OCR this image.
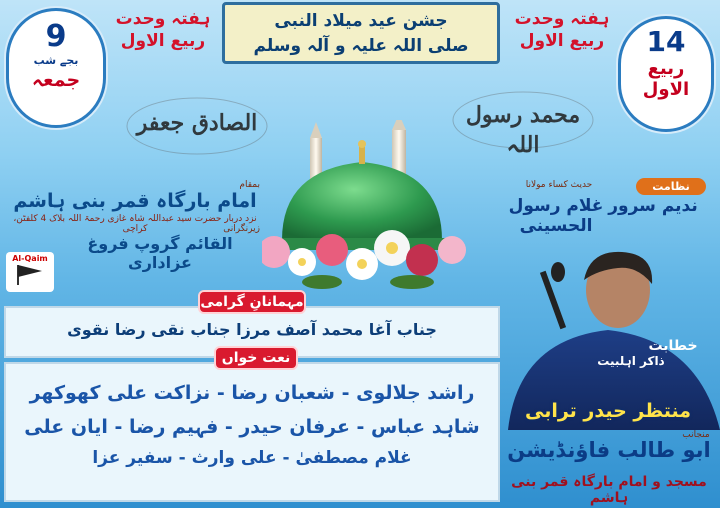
جشن عید میلاد النبی
صلی اللہ علیہ و آلہ وسلم
ہفتہ وحدت
ربیع الاول
ہفتہ وحدت
ربیع الاول	14
ربیع
الاول
9
بجے شب
جمعہ
محمد رسول اللہ
الصادق جعفر
بمقام
امام بارگاہ قمر بنی ہاشم
نزد دربار حضرت سید عبداللہ شاہ غازی رحمۃ اللہ بلاک 4 کلفٹن، کراچی	زیرنگرانی
القائم گروپ فروغ عزاداری
Al-Qaim
نظامت
ندیم سرور
حدیث کساء مولانا
غلام رسول الحسینی
جناب آغا محمد آصف مرزا جناب نقی رضا نقوی
مہمانانِ گرامی
راشد جلالوی - شعبان رضا - نزاکت علی کھوکھر
شاہد عباس - عرفان حیدر - فہیم رضا - ایان علی
غلام مصطفیٰ - علی وارث - سفیر عزا
نعت خواں
خطابت
ذاکر اہلبیت
منتظر حیدر ترابی
منجانب
ابو طالب فاؤنڈیشن
مسجد و امام بارگاہ قمر بنی ہاشم
